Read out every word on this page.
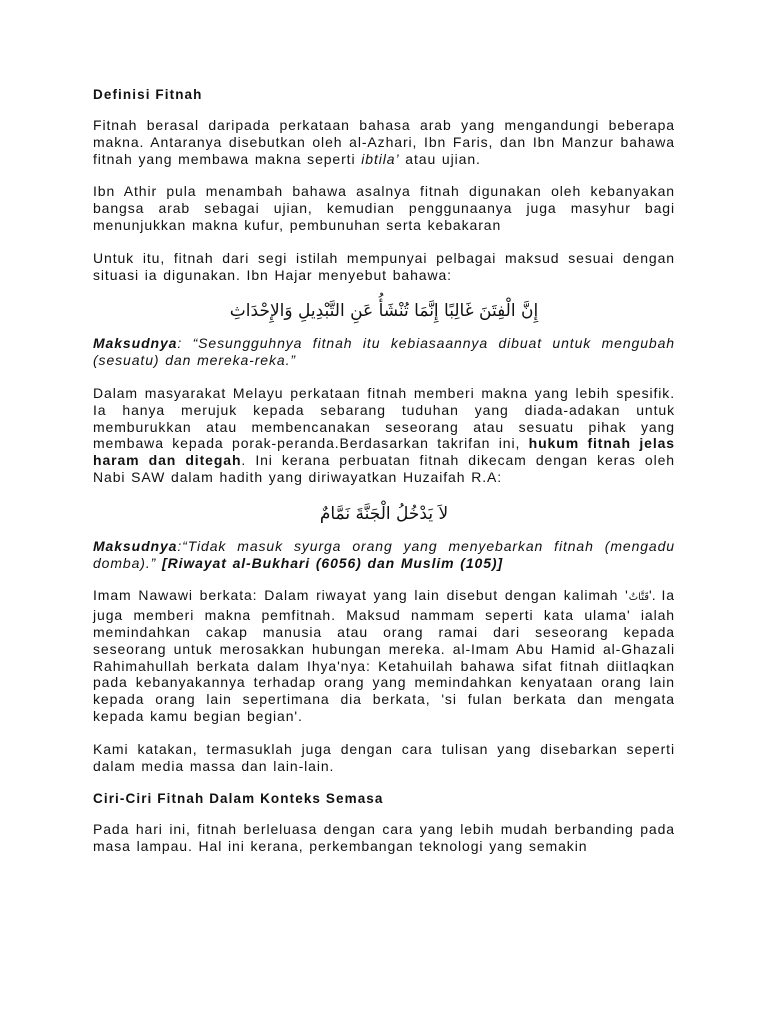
Definisi Fitnah

Fitnah berasal daripada perkataan bahasa arab yang mengandungi beberapa makna. Antaranya disebutkan oleh al-Azhari, Ibn Faris, dan Ibn Manzur bahawa fitnah yang membawa makna seperti ibtila’ atau ujian.

Ibn Athir pula menambah bahawa asalnya fitnah digunakan oleh kebanyakan bangsa arab sebagai ujian, kemudian penggunaanya juga masyhur bagi menunjukkan makna kufur, pembunuhan serta kebakaran

Untuk itu, fitnah dari segi istilah mempunyai pelbagai maksud sesuai dengan situasi ia digunakan. Ibn Hajar menyebut bahawa:

إِنَّ الْفِتَنَ غَالِبًا إِنَّمَا تُنْشَأُ عَنِ التَّبْدِيلِ وَالإِحْدَاثِ

Maksudnya: “Sesungguhnya fitnah itu kebiasaannya dibuat untuk mengubah (sesuatu) dan mereka-reka.”

Dalam masyarakat Melayu perkataan fitnah memberi makna yang lebih spesifik. Ia hanya merujuk kepada sebarang tuduhan yang diada-adakan untuk memburukkan atau membencanakan seseorang atau sesuatu pihak yang membawa kepada porak-peranda.Berdasarkan takrifan ini, hukum fitnah jelas haram dan ditegah. Ini kerana perbuatan fitnah dikecam dengan keras oleh Nabi SAW dalam hadith yang diriwayatkan Huzaifah R.A:

لاَ يَدْخُلُ الْجَنَّةَ نَمَّامٌ

Maksudnya:“Tidak masuk syurga orang yang menyebarkan fitnah (mengadu domba).” [Riwayat al-Bukhari (6056) dan Muslim (105)]

Imam Nawawi berkata: Dalam riwayat yang lain disebut dengan kalimah 'قَتَّاتٌ'. Ia juga memberi makna pemfitnah. Maksud nammam seperti kata ulama' ialah memindahkan cakap manusia atau orang ramai dari seseorang kepada seseorang untuk merosakkan hubungan mereka. al-Imam Abu Hamid al-Ghazali Rahimahullah berkata dalam Ihya'nya: Ketahuilah bahawa sifat fitnah diitlaqkan pada kebanyakannya terhadap orang yang memindahkan kenyataan orang lain kepada orang lain sepertimana dia berkata, 'si fulan berkata dan mengata kepada kamu begian begian'.

Kami katakan, termasuklah juga dengan cara tulisan yang disebarkan seperti dalam media massa dan lain-lain.

Ciri-Ciri Fitnah Dalam Konteks Semasa

Pada hari ini, fitnah berleluasa dengan cara yang lebih mudah berbanding pada masa lampau. Hal ini kerana, perkembangan teknologi yang semakin
